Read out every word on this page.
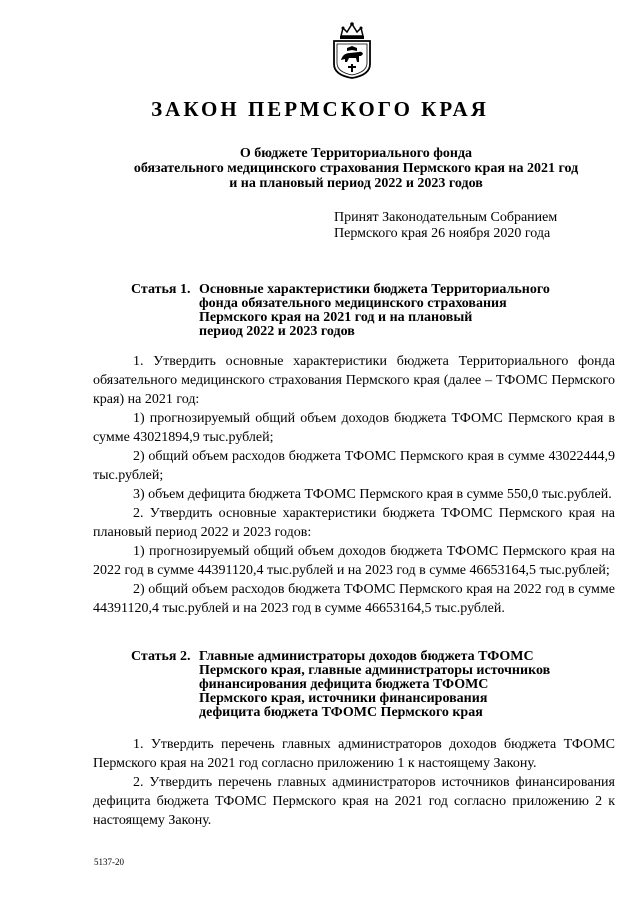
ЗАКОН ПЕРМСКОГО КРАЯ
О бюджете Территориального фонда
обязательного медицинского страхования Пермского края на 2021 год
и на плановый период 2022 и 2023 годов
Принят Законодательным Собранием
Пермского края 26 ноября 2020 года
Статья 1. Основные характеристики бюджета Территориального
фонда обязательного медицинского страхования
Пермского края на 2021 год и на плановый
период 2022 и 2023 годов

1. Утвердить основные характеристики бюджета Территориального фонда обязательного медицинского страхования Пермского края (далее – ТФОМС Пермского края) на 2021 год:

1) прогнозируемый общий объем доходов бюджета ТФОМС Пермского края в сумме 43021894,9 тыс.рублей;

2) общий объем расходов бюджета ТФОМС Пермского края в сумме 43022444,9 тыс.рублей;

3) объем дефицита бюджета ТФОМС Пермского края в сумме 550,0 тыс.рублей.

2. Утвердить основные характеристики бюджета ТФОМС Пермского края на плановый период 2022 и 2023 годов:

1) прогнозируемый общий объем доходов бюджета ТФОМС Пермского края на 2022 год в сумме 44391120,4 тыс.рублей и на 2023 год в сумме 46653164,5 тыс.рублей;

2) общий объем расходов бюджета ТФОМС Пермского края на 2022 год в сумме 44391120,4 тыс.рублей и на 2023 год в сумме 46653164,5 тыс.рублей.

Статья 2. Главные администраторы доходов бюджета ТФОМС
Пермского края, главные администраторы источников
финансирования дефицита бюджета ТФОМС
Пермского края, источники финансирования
дефицита бюджета ТФОМС Пермского края

1. Утвердить перечень главных администраторов доходов бюджета ТФОМС Пермского края на 2021 год согласно приложению 1 к настоящему Закону.

2. Утвердить перечень главных администраторов источников финансирования дефицита бюджета ТФОМС Пермского края на 2021 год согласно приложению 2 к настоящему Закону.

5137-20
